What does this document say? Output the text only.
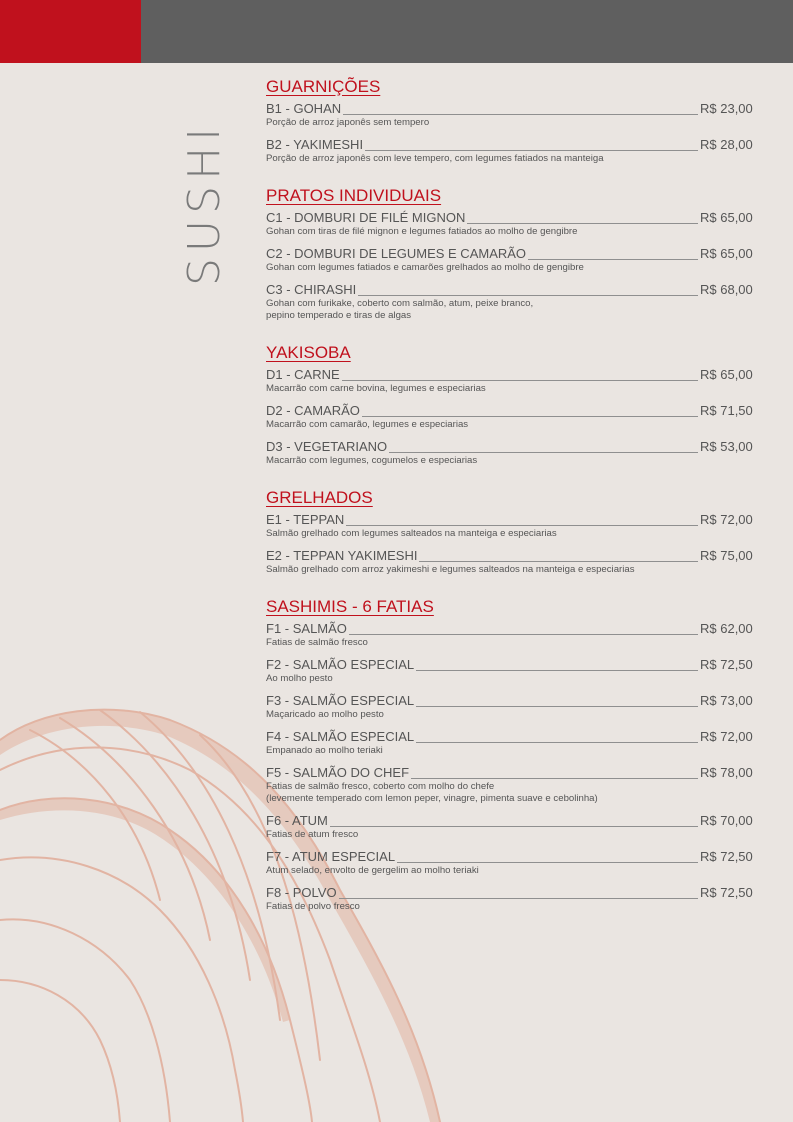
SUSHI
GUARNIÇÕES
B1 - GOHAN	R$ 23,00
Porção de arroz japonês sem tempero
B2 - YAKIMESHI	R$ 28,00
Porção de arroz japonês com leve tempero, com legumes fatiados na manteiga
PRATOS INDIVIDUAIS
C1 - DOMBURI DE FILÉ MIGNON	R$ 65,00
Gohan com tiras de filé mignon e legumes fatiados ao molho de gengibre
C2 - DOMBURI DE LEGUMES E CAMARÃO	R$ 65,00
Gohan com legumes fatiados e camarões grelhados ao molho de gengibre
C3 - CHIRASHI	R$ 68,00
Gohan com furikake, coberto com salmão, atum, peixe branco,
pepino temperado e tiras de algas
YAKISOBA
D1 - CARNE	R$ 65,00
Macarrão com carne bovina, legumes e especiarias
D2 - CAMARÃO	R$ 71,50
Macarrão com camarão, legumes e especiarias
D3 - VEGETARIANO	R$ 53,00
Macarrão com legumes, cogumelos e especiarias
GRELHADOS
E1 - TEPPAN	R$ 72,00
Salmão grelhado com legumes salteados na manteiga e especiarias
E2 - TEPPAN YAKIMESHI	R$ 75,00
Salmão grelhado com arroz yakimeshi e legumes salteados na manteiga e especiarias
SASHIMIS - 6 FATIAS
F1 - SALMÃO	R$ 62,00
Fatias de salmão fresco
F2 - SALMÃO ESPECIAL	R$ 72,50
Ao molho pesto
F3 - SALMÃO ESPECIAL	R$ 73,00
Maçaricado ao molho pesto
F4 - SALMÃO ESPECIAL	R$ 72,00
Empanado ao molho teriaki
F5 - SALMÃO DO CHEF	R$ 78,00
Fatias de salmão fresco, coberto com molho do chefe
(levemente temperado com lemon peper, vinagre, pimenta suave e cebolinha)
F6 - ATUM	R$ 70,00
Fatias de atum fresco
F7 - ATUM ESPECIAL	R$ 72,50
Atum selado, envolto de gergelim ao molho teriaki
F8 - POLVO	R$ 72,50
Fatias de polvo fresco
